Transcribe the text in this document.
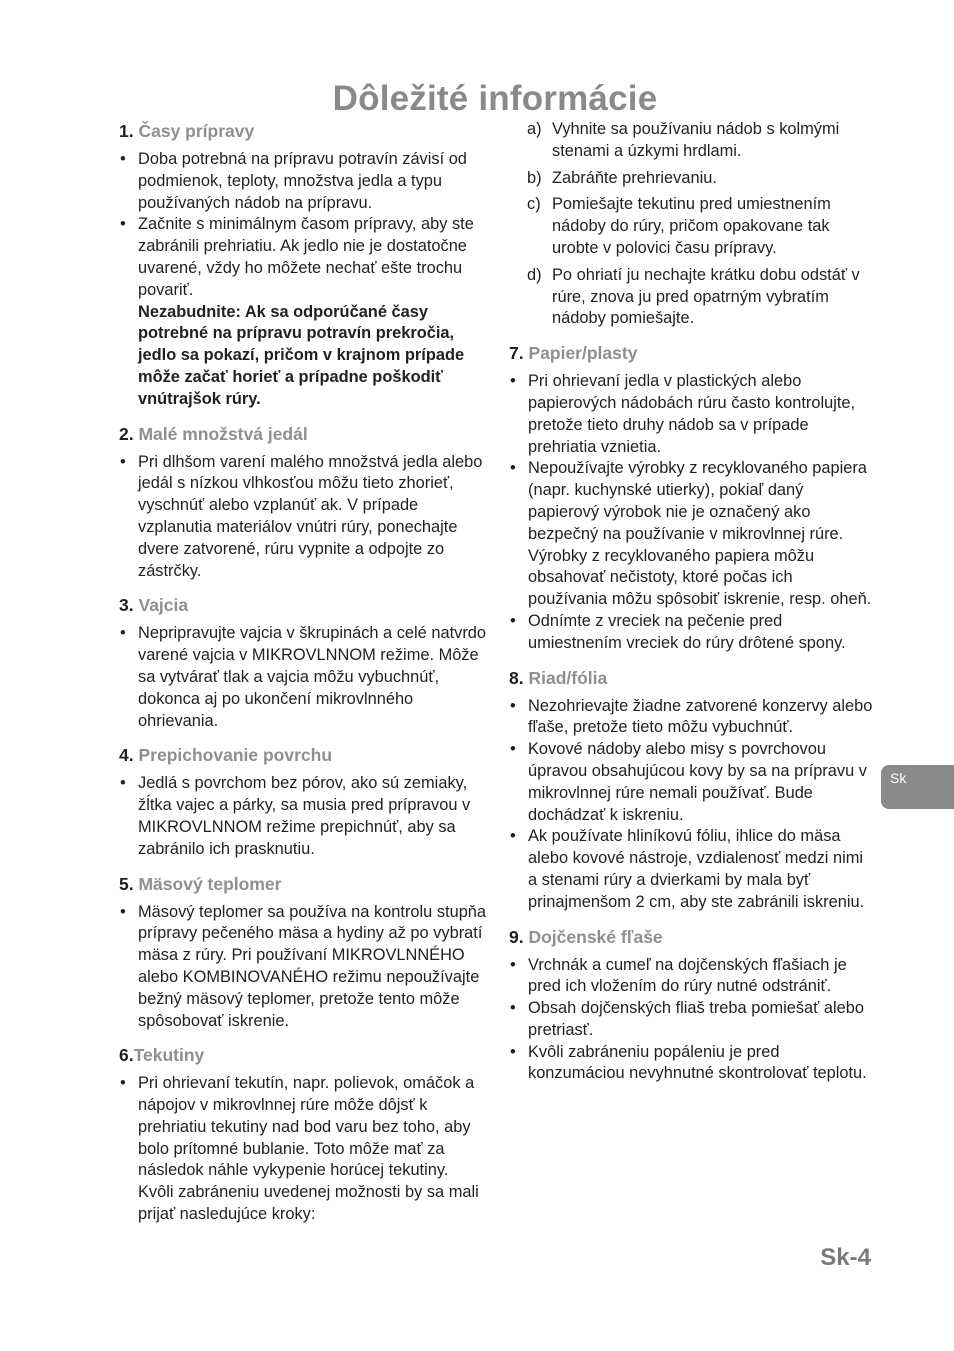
Dôležité informácie
1. Časy prípravy
• Doba potrebná na prípravu potravín závisí od podmienok, teploty, množstva jedla a typu používaných nádob na prípravu.
• Začnite s minimálnym časom prípravy, aby ste zabránili prehriatiu. Ak jedlo nie je dostatočne uvarené, vždy ho môžete nechať ešte trochu povariť.
Nezabudnite: Ak sa odporúčané časy potrebné na prípravu potravín prekročia, jedlo sa pokazí, pričom v krajnom prípade môže začať horieť a prípadne poškodiť vnútrajšok rúry.
2. Malé množstvá jedál
• Pri dlhšom varení malého množstvá jedla alebo jedál s nízkou vlhkosťou môžu tieto zhorieť, vyschnúť alebo vzplanúť ak. V prípade vzplanutia materiálov vnútri rúry, ponechajte dvere zatvorené, rúru vypnite a odpojte zo zástrčky.
3. Vajcia
• Nepripravujte vajcia v škrupinách a celé natvrdo varené vajcia v MIKROVLNNOM režime. Môže sa vytvárať tlak a vajcia môžu vybuchnúť, dokonca aj po ukončení mikrovlnného ohrievania.
4. Prepichovanie povrchu
• Jedlá s povrchom bez pórov, ako sú zemiaky, žĺtka vajec a párky, sa musia pred prípravou v MIKROVLNNOM režime prepichnúť, aby sa zabránilo ich prasknutiu.
5. Mäsový teplomer
• Mäsový teplomer sa používa na kontrolu stupňa prípravy pečeného mäsa a hydiny až po vybratí mäsa z rúry. Pri používaní MIKROVLNNÉHO alebo KOMBINOVANÉHO režimu nepoužívajte bežný mäsový teplomer, pretože tento môže spôsobovať iskrenie.
6.Tekutiny
• Pri ohrievaní tekutín, napr. polievok, omáčok a nápojov v mikrovlnnej rúre môže dôjsť k prehriatiu tekutiny nad bod varu bez toho, aby bolo prítomné bublanie. Toto môže mať za následok náhle vykypenie horúcej tekutiny. Kvôli zabráneniu uvedenej možnosti by sa mali prijať nasledujúce kroky:
a) Vyhnite sa používaniu nádob s kolmými stenami a úzkymi hrdlami.
b) Zabráňte prehrievaniu.
c) Pomiešajte tekutinu pred umiestnením nádoby do rúry, pričom opakovane tak urobte v polovici času prípravy.
d) Po ohriatí ju nechajte krátku dobu odstáť v rúre, znova ju pred opatrným vybratím nádoby pomiešajte.
7. Papier/plasty
• Pri ohrievaní jedla v plastických alebo papierových nádobách rúru často kontrolujte, pretože tieto druhy nádob sa v prípade prehriatia vznietia.
• Nepoužívajte výrobky z recyklovaného papiera (napr. kuchynské utierky), pokiaľ daný papierový výrobok nie je označený ako bezpečný na používanie v mikrovlnnej rúre. Výrobky z recyklovaného papiera môžu obsahovať nečistoty, ktoré počas ich používania môžu spôsobiť iskrenie, resp. oheň.
• Odnímte z vreciek na pečenie pred umiestnením vreciek do rúry drôtené spony.
8. Riad/fólia
• Nezohrievajte žiadne zatvorené konzervy alebo fľaše, pretože tieto môžu vybuchnúť.
• Kovové nádoby alebo misy s povrchovou úpravou obsahujúcou kovy by sa na prípravu v mikrovlnnej rúre nemali používať. Bude dochádzať k iskreniu.
• Ak používate hliníkovú fóliu, ihlice do mäsa alebo kovové nástroje, vzdialenosť medzi nimi a stenami rúry a dvierkami by mala byť prinajmenšom 2 cm, aby ste zabránili iskreniu.
9. Dojčenské fľaše
• Vrchnák a cumeľ na dojčenských fľašiach je pred ich vložením do rúry nutné odstrániť.
• Obsah dojčenských fliaš treba pomiešať alebo pretriasť.
• Kvôli zabráneniu popáleniu je pred konzumáciou nevyhnutné skontrolovať teplotu.
Sk
Sk-4
